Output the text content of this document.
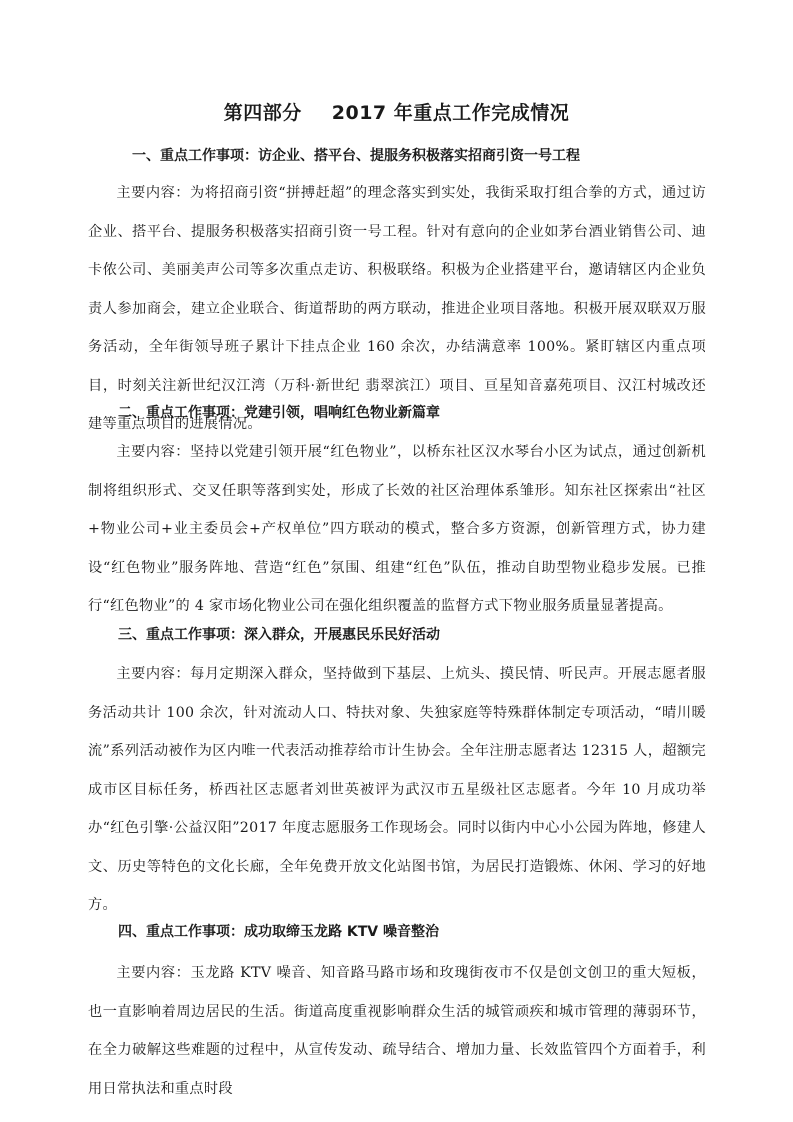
第四部分 2017 年重点工作完成情况
一、重点工作事项：访企业、搭平台、提服务积极落实招商引资一号工程
主要内容：为将招商引资“拼搏赶超”的理念落实到实处，我街采取打组合拳的方式，通过访企业、搭平台、提服务积极落实招商引资一号工程。针对有意向的企业如茅台酒业销售公司、迪卡侬公司、美丽美声公司等多次重点走访、积极联络。积极为企业搭建平台，邀请辖区内企业负责人参加商会，建立企业联合、街道帮助的两方联动，推进企业项目落地。积极开展双联双万服务活动，全年街领导班子累计下挂点企业 160 余次，办结满意率 100%。紧盯辖区内重点项目，时刻关注新世纪汉江湾（万科·新世纪 翡翠滨江）项目、亘星知音嘉苑项目、汉江村城改还建等重点项目的进展情况。
二、重点工作事项：党建引领，唱响红色物业新篇章
主要内容：坚持以党建引领开展“红色物业”，以桥东社区汉水琴台小区为试点，通过创新机制将组织形式、交叉任职等落到实处，形成了长效的社区治理体系雏形。知东社区探索出“社区+物业公司+业主委员会+产权单位”四方联动的模式，整合多方资源，创新管理方式，协力建设“红色物业”服务阵地、营造“红色”氛围、组建“红色”队伍，推动自助型物业稳步发展。已推行“红色物业”的 4 家市场化物业公司在强化组织覆盖的监督方式下物业服务质量显著提高。
三、重点工作事项：深入群众，开展惠民乐民好活动
主要内容：每月定期深入群众，坚持做到下基层、上炕头、摸民情、听民声。开展志愿者服务活动共计 100 余次，针对流动人口、特扶对象、失独家庭等特殊群体制定专项活动，“晴川暖流”系列活动被作为区内唯一代表活动推荐给市计生协会。全年注册志愿者达 12315 人，超额完成市区目标任务，桥西社区志愿者刘世英被评为武汉市五星级社区志愿者。今年 10 月成功举办“红色引擎·公益汉阳”2017 年度志愿服务工作现场会。同时以街内中心小公园为阵地，修建人文、历史等特色的文化长廊，全年免费开放文化站图书馆，为居民打造锻炼、休闲、学习的好地方。
四、重点工作事项：成功取缔玉龙路 KTV 噪音整治
主要内容：玉龙路 KTV 噪音、知音路马路市场和玫瑰街夜市不仅是创文创卫的重大短板，也一直影响着周边居民的生活。街道高度重视影响群众生活的城管顽疾和城市管理的薄弱环节，在全力破解这些难题的过程中，从宣传发动、疏导结合、增加力量、长效监管四个方面着手，利用日常执法和重点时段
